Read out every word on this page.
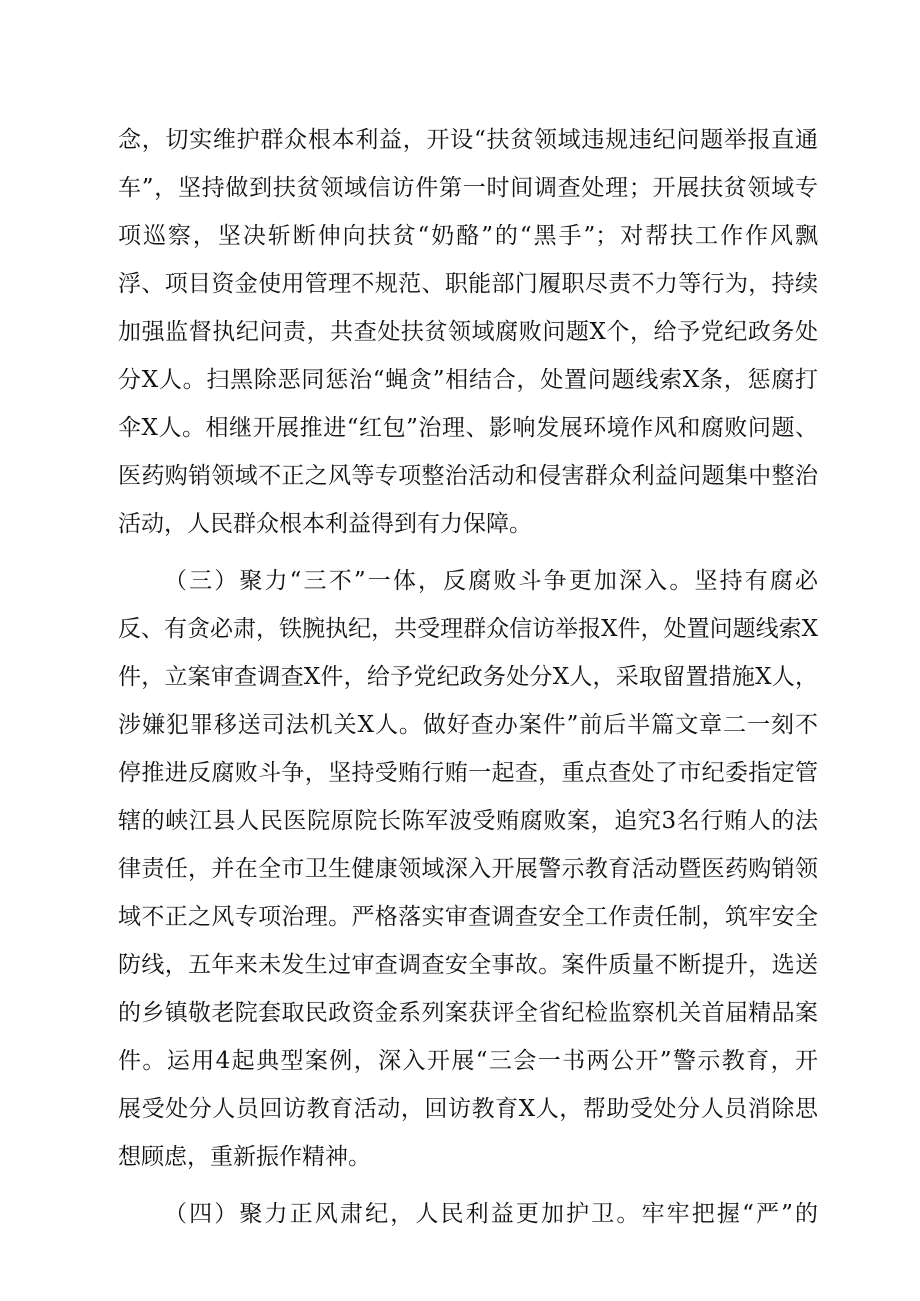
念，切实维护群众根本利益，开设“扶贫领域违规违纪问题举报直通
车”，坚持做到扶贫领域信访件第一时间调查处理；开展扶贫领域专
项巡察，坚决斩断伸向扶贫“奶酪”的“黑手”；对帮扶工作作风飘
浮、项目资金使用管理不规范、职能部门履职尽责不力等行为，持续
加强监督执纪问责，共查处扶贫领域腐败问题X个，给予党纪政务处
分X人。扫黑除恶同惩治“蝇贪”相结合，处置问题线索X条，惩腐打
伞X人。相继开展推进“红包”治理、影响发展环境作风和腐败问题、
医药购销领域不正之风等专项整治活动和侵害群众利益问题集中整治
活动，人民群众根本利益得到有力保障。
（三）聚力“三不”一体，反腐败斗争更加深入。坚持有腐必
反、有贪必肃，铁腕执纪，共受理群众信访举报X件，处置问题线索X
件，立案审查调查X件，给予党纪政务处分X人，采取留置措施X人，
涉嫌犯罪移送司法机关X人。做好查办案件”前后半篇文章二一刻不
停推进反腐败斗争，坚持受贿行贿一起查，重点查处了市纪委指定管
辖的峡江县人民医院原院长陈军波受贿腐败案，追究3名行贿人的法
律责任，并在全市卫生健康领域深入开展警示教育活动暨医药购销领
域不正之风专项治理。严格落实审查调查安全工作责任制，筑牢安全
防线，五年来未发生过审查调查安全事故。案件质量不断提升，选送
的乡镇敬老院套取民政资金系列案获评全省纪检监察机关首届精品案
件。运用4起典型案例，深入开展“三会一书两公开”警示教育，开
展受处分人员回访教育活动，回访教育X人，帮助受处分人员消除思
想顾虑，重新振作精神。
（四）聚力正风肃纪，人民利益更加护卫。牢牢把握“严”的
